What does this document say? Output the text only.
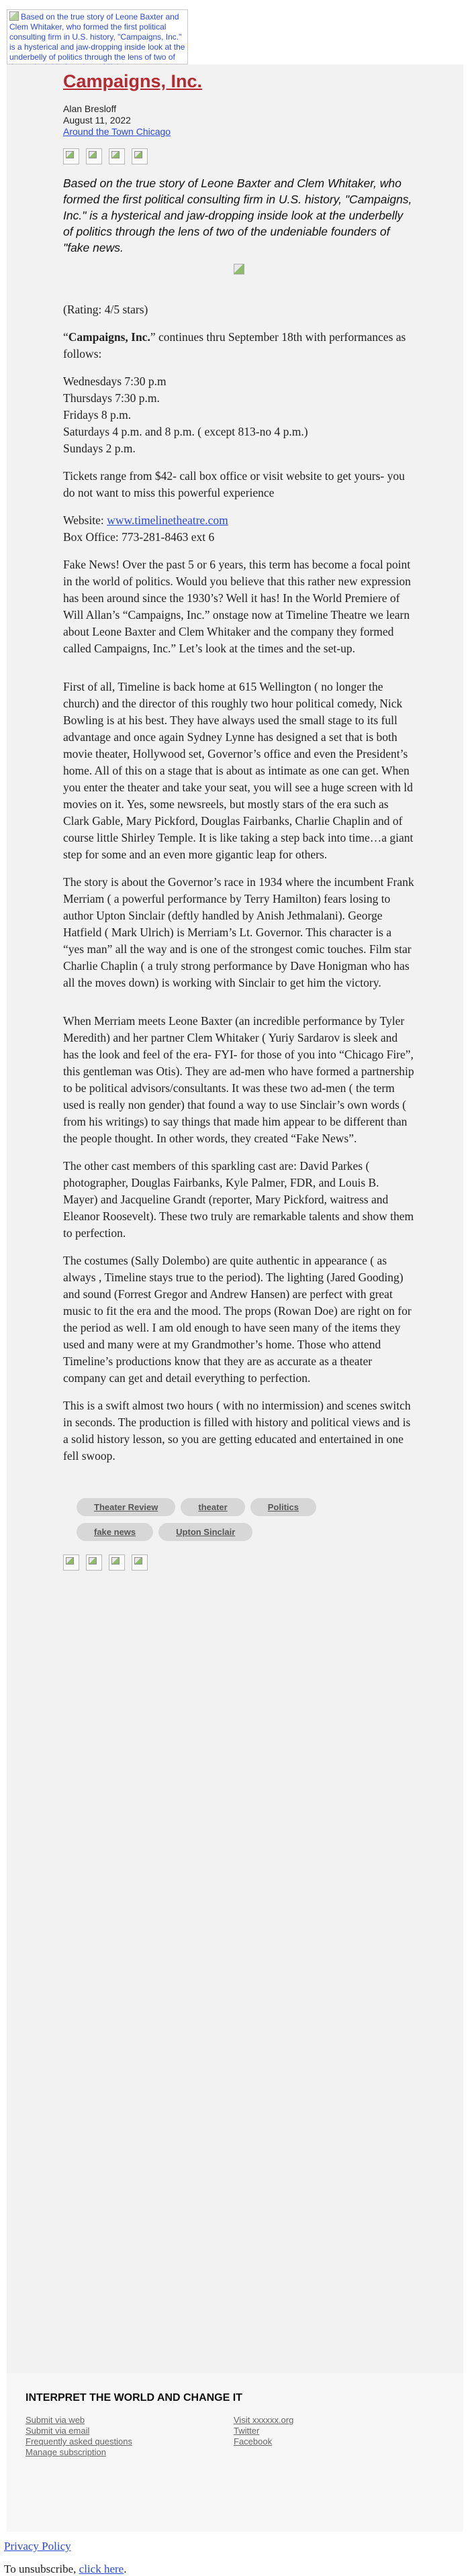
Based on the true story of Leone Baxter and Clem Whitaker, who formed the first political consulting firm in U.S. history, "Campaigns, Inc." is a hysterical and jaw-dropping inside look at the underbelly of politics through the lens of two of
Campaigns, Inc.
Alan Bresloff
August 11, 2022
Around the Town Chicago
Based on the true story of Leone Baxter and Clem Whitaker, who formed the first political consulting firm in U.S. history, "Campaigns, Inc." is a hysterical and jaw-dropping inside look at the underbelly of politics through the lens of two of the undeniable founders of "fake news.

(Rating: 4/5 stars)

“Campaigns, Inc.” continues thru September 18th with performances as follows:

Wednesdays 7:30 p.m
Thursdays 7:30 p.m.
Fridays 8 p.m.
Saturdays 4 p.m. and 8 p.m. ( except 813-no 4 p.m.)
Sundays 2 p.m.

Tickets range from $42- call box office or visit website to get yours- you do not want to miss this powerful experience

Website: www.timelinetheatre.com
Box Office: 773-281-8463 ext 6

Fake News! Over the past 5 or 6 years, this term has become a focal point in the world of politics. Would you believe that this rather new expression has been around since the 1930’s? Well it has! In the World Premiere of Will Allan’s “Campaigns, Inc.” onstage now at Timeline Theatre we learn about Leone Baxter and Clem Whitaker and the company they formed called Campaigns, Inc.” Let’s look at the times and the set-up.

First of all, Timeline is back home at 615 Wellington ( no longer the church) and the director of this roughly two hour political comedy, Nick Bowling is at his best. They have always used the small stage to its full advantage and once again Sydney Lynne has designed a set that is both movie theater, Hollywood set, Governor’s office and even the President’s home. All of this on a stage that is about as intimate as one can get. When you enter the theater and take your seat, you will see a huge screen with ld movies on it. Yes, some newsreels, but mostly stars of the era such as Clark Gable, Mary Pickford, Douglas Fairbanks, Charlie Chaplin and of course little Shirley Temple. It is like taking a step back into time…a giant step for some and an even more gigantic leap for others.

The story is about the Governor’s race in 1934 where the incumbent Frank Merriam ( a powerful performance by Terry Hamilton) fears losing to author Upton Sinclair (deftly handled by Anish Jethmalani). George Hatfield ( Mark Ulrich) is Merriam’s Lt. Governor. This character is a “yes man” all the way and is one of the strongest comic touches. Film star Charlie Chaplin ( a truly strong performance by Dave Honigman who has all the moves down) is working with Sinclair to get him the victory.

When Merriam meets Leone Baxter (an incredible performance by Tyler Meredith) and her partner Clem Whitaker ( Yuriy Sardarov is sleek and has the look and feel of the era- FYI- for those of you into “Chicago Fire”, this gentleman was Otis). They are ad-men who have formed a partnership to be political advisors/consultants. It was these two ad-men ( the term used is really non gender) that found a way to use Sinclair’s own words ( from his writings) to say things that made him appear to be different than the people thought. In other words, they created “Fake News”.

The other cast members of this sparkling cast are: David Parkes ( photographer, Douglas Fairbanks, Kyle Palmer, FDR, and Louis B. Mayer) and Jacqueline Grandt (reporter, Mary Pickford, waitress and Eleanor Roosevelt). These two truly are remarkable talents and show them to perfection.

The costumes (Sally Dolembo) are quite authentic in appearance ( as always , Timeline stays true to the period). The lighting (Jared Gooding) and sound (Forrest Gregor and Andrew Hansen) are perfect with great music to fit the era and the mood. The props (Rowan Doe) are right on for the period as well. I am old enough to have seen many of the items they used and many were at my Grandmother’s home. Those who attend Timeline’s productions know that they are as accurate as a theater company can get and detail everything to perfection.

This is a swift almost two hours ( with no intermission) and scenes switch in seconds. The production is filled with history and political views and is a solid history lesson, so you are getting educated and entertained in one fell swoop.

Theater Review	theater	Politics
fake news	Upton Sinclair
INTERPRET THE WORLD AND CHANGE IT
Submit via web
Submit via email
Frequently asked questions
Manage subscription
Visit xxxxxx.org
Twitter
Facebook
Privacy Policy
To unsubscribe, click here.
